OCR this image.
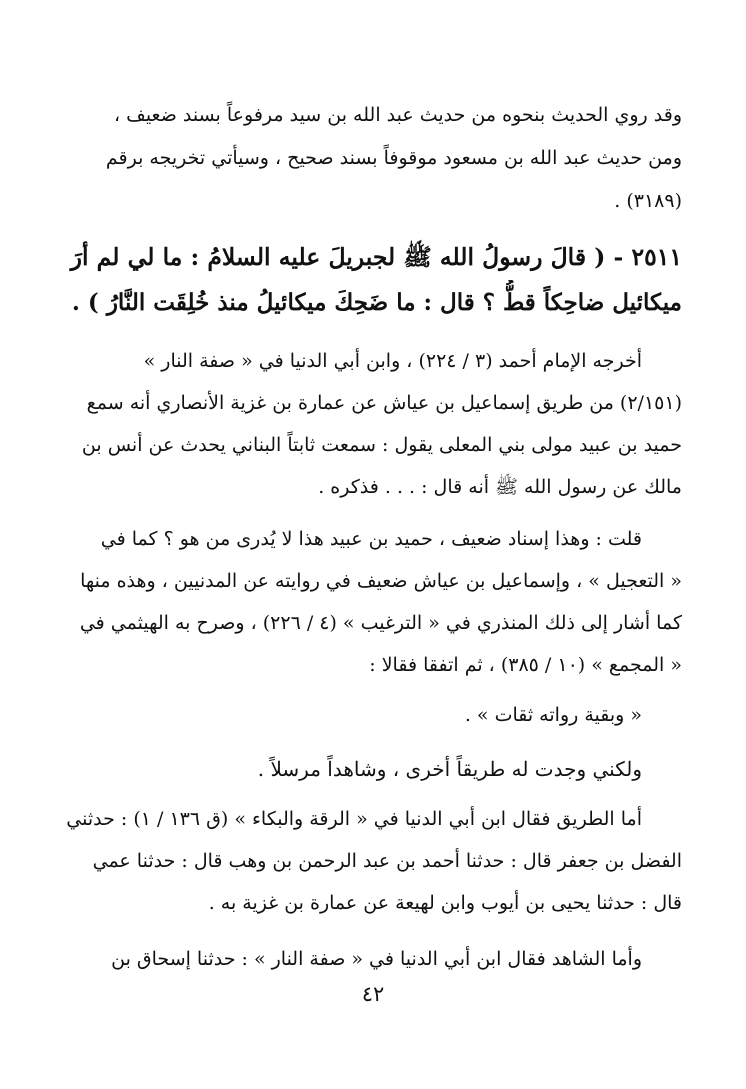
وقد روي الحديث بنحوه من حديث عبد الله بن سيد مرفوعاً بسند ضعيف ،
ومن حديث عبد الله بن مسعود موقوفاً بسند صحيح ، وسيأتي تخريجه برقم
(٣١٨٩) .
٢٥١١ - ( قالَ رسولُ الله ﷺ لجبريلَ عليه السلامُ : ما لي لم أرَ
ميكائيل ضاحِكاً قطُّ ؟ قال : ما ضَحِكَ ميكائيلُ منذ خُلِقَت النَّارُ ) .
أخرجه الإمام أحمد (٣ / ٢٢٤) ، وابن أبي الدنيا في « صفة النار »
(٢/١٥١) من طريق إسماعيل بن عياش عن عمارة بن غزية الأنصاري أنه سمع
حميد بن عبيد مولى بني المعلى يقول : سمعت ثابتاً البناني يحدث عن أنس بن
مالك عن رسول الله ﷺ أنه قال : . . . فذكره .
قلت : وهذا إسناد ضعيف ، حميد بن عبيد هذا لا يُدرى من هو ؟ كما في
« التعجيل » ، وإسماعيل بن عياش ضعيف في روايته عن المدنيين ، وهذه منها
كما أشار إلى ذلك المنذري في « الترغيب » (٤ / ٢٢٦) ، وصرح به الهيثمي في
« المجمع » (١٠ / ٣٨٥) ، ثم اتفقا فقالا :
« وبقية رواته ثقات » .
ولكني وجدت له طريقاً أخرى ، وشاهداً مرسلاً .
أما الطريق فقال ابن أبي الدنيا في « الرقة والبكاء » (ق ١٣٦ / ١) : حدثني
الفضل بن جعفر قال : حدثنا أحمد بن عبد الرحمن بن وهب قال : حدثنا عمي
قال : حدثنا يحيى بن أيوب وابن لهيعة عن عمارة بن غزية به .
وأما الشاهد فقال ابن أبي الدنيا في « صفة النار » : حدثنا إسحاق بن
٤٢
